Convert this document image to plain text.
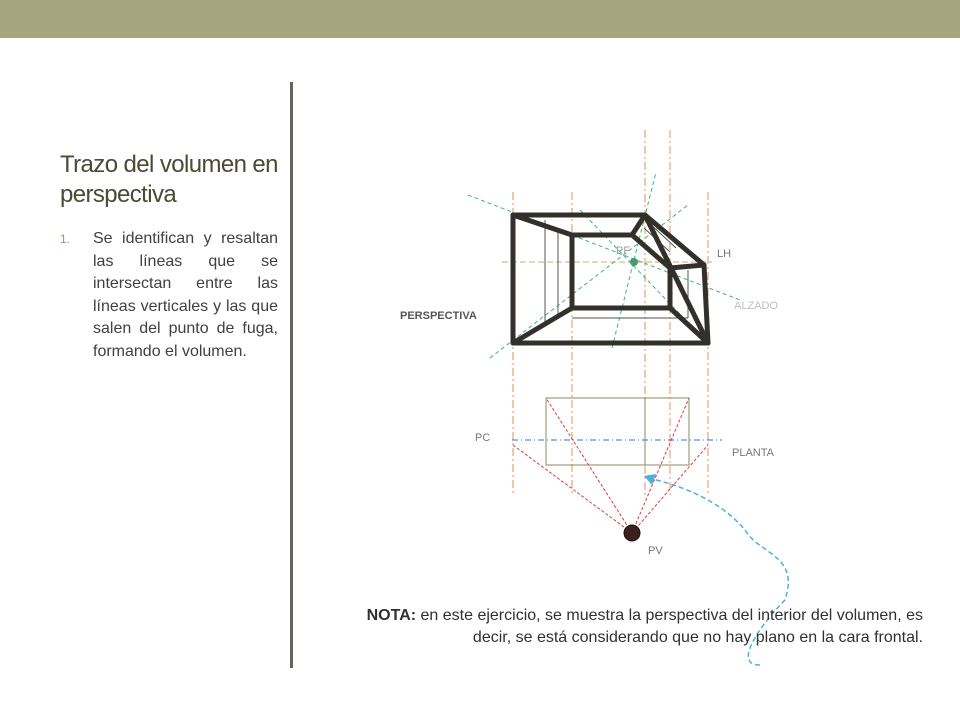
Trazo del volumen en perspectiva
1. Se identifican y resaltan las líneas que se intersectan entre las líneas verticales y las que salen del punto de fuga, formando el volumen.
PF	LH
ALZADO
PERSPECTIVA
PC
PLANTA
PV

NOTA: en este ejercicio, se muestra la perspectiva del interior del volumen, es decir, se está considerando que no hay plano en la cara frontal.
